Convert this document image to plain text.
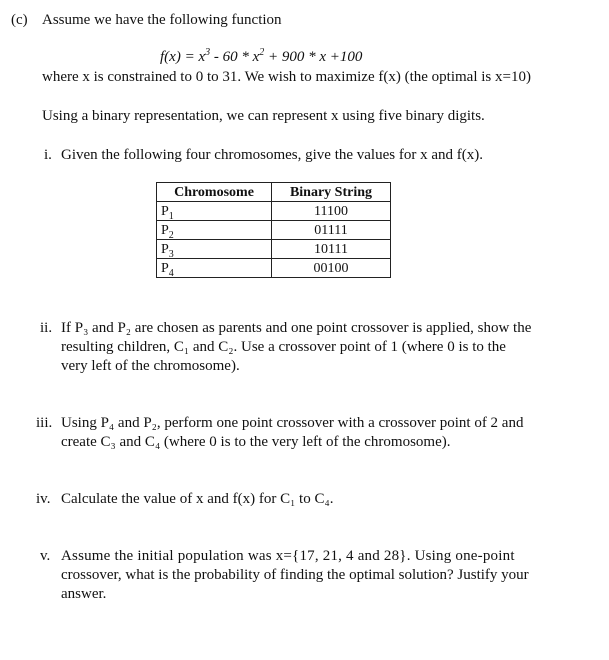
(c) Assume we have the following function
$f(x) = x^3 - 60 * x^2 + 900 * x +100$
where x is constrained to 0 to 31. We wish to maximize f(x) (the optimal is x=10)
Using a binary representation, we can represent x using five binary digits.
i. Given the following four chromosomes, give the values for x and f(x).
Chromosome	Binary String
$P_1$	11100
$P_2$	01111
$P_3$	10111
$P_4$	00100
ii. If P₃ and P₂ are chosen as parents and one point crossover is applied, show the
resulting children, C₁ and C₂. Use a crossover point of 1 (where 0 is to the
very left of the chromosome).
iii. Using P₄ and P₂, perform one point crossover with a crossover point of 2 and
create C₃ and C₄ (where 0 is to the very left of the chromosome).
iv. Calculate the value of x and f(x) for C₁ to C₄.
v. Assume the initial population was x={17, 21, 4 and 28}. Using one-point
crossover, what is the probability of finding the optimal solution? Justify your
answer.
